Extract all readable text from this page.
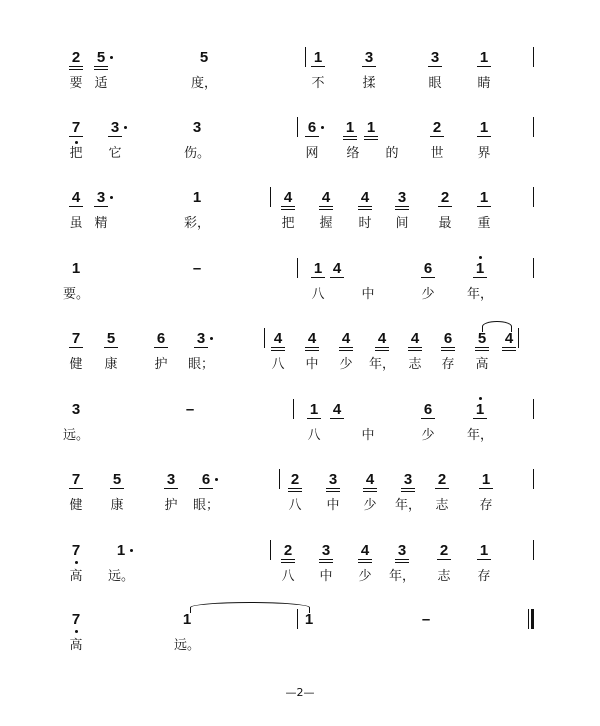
2 5	5	1	3	3	1
要 适	度，	不	揉	眼	睛
7 3	3	6 1 1	2	1
把 它	伤。	网 络 的 世	界
4 3	1	4 4 4 3 2 1
虽 精	彩，	把 握 时 间 最 重
1	–	1 4	6	1
要。	八	中	少 年，
7 5	6 3	4 4 4 4 4 6 5 4
健 康	护 眼；	八 中 少 年， 志 存 高
3	–	1 4	6	1
远。	八	中	少 年，
7 5	3 6	2 3 4 3 2 1
健 康	护 眼；	八 中 少 年， 志 存
7 1	2 3 4 3 2 1
高 远。	八 中 少 年， 志 存
7	1	1	–
高	远。
—2—
